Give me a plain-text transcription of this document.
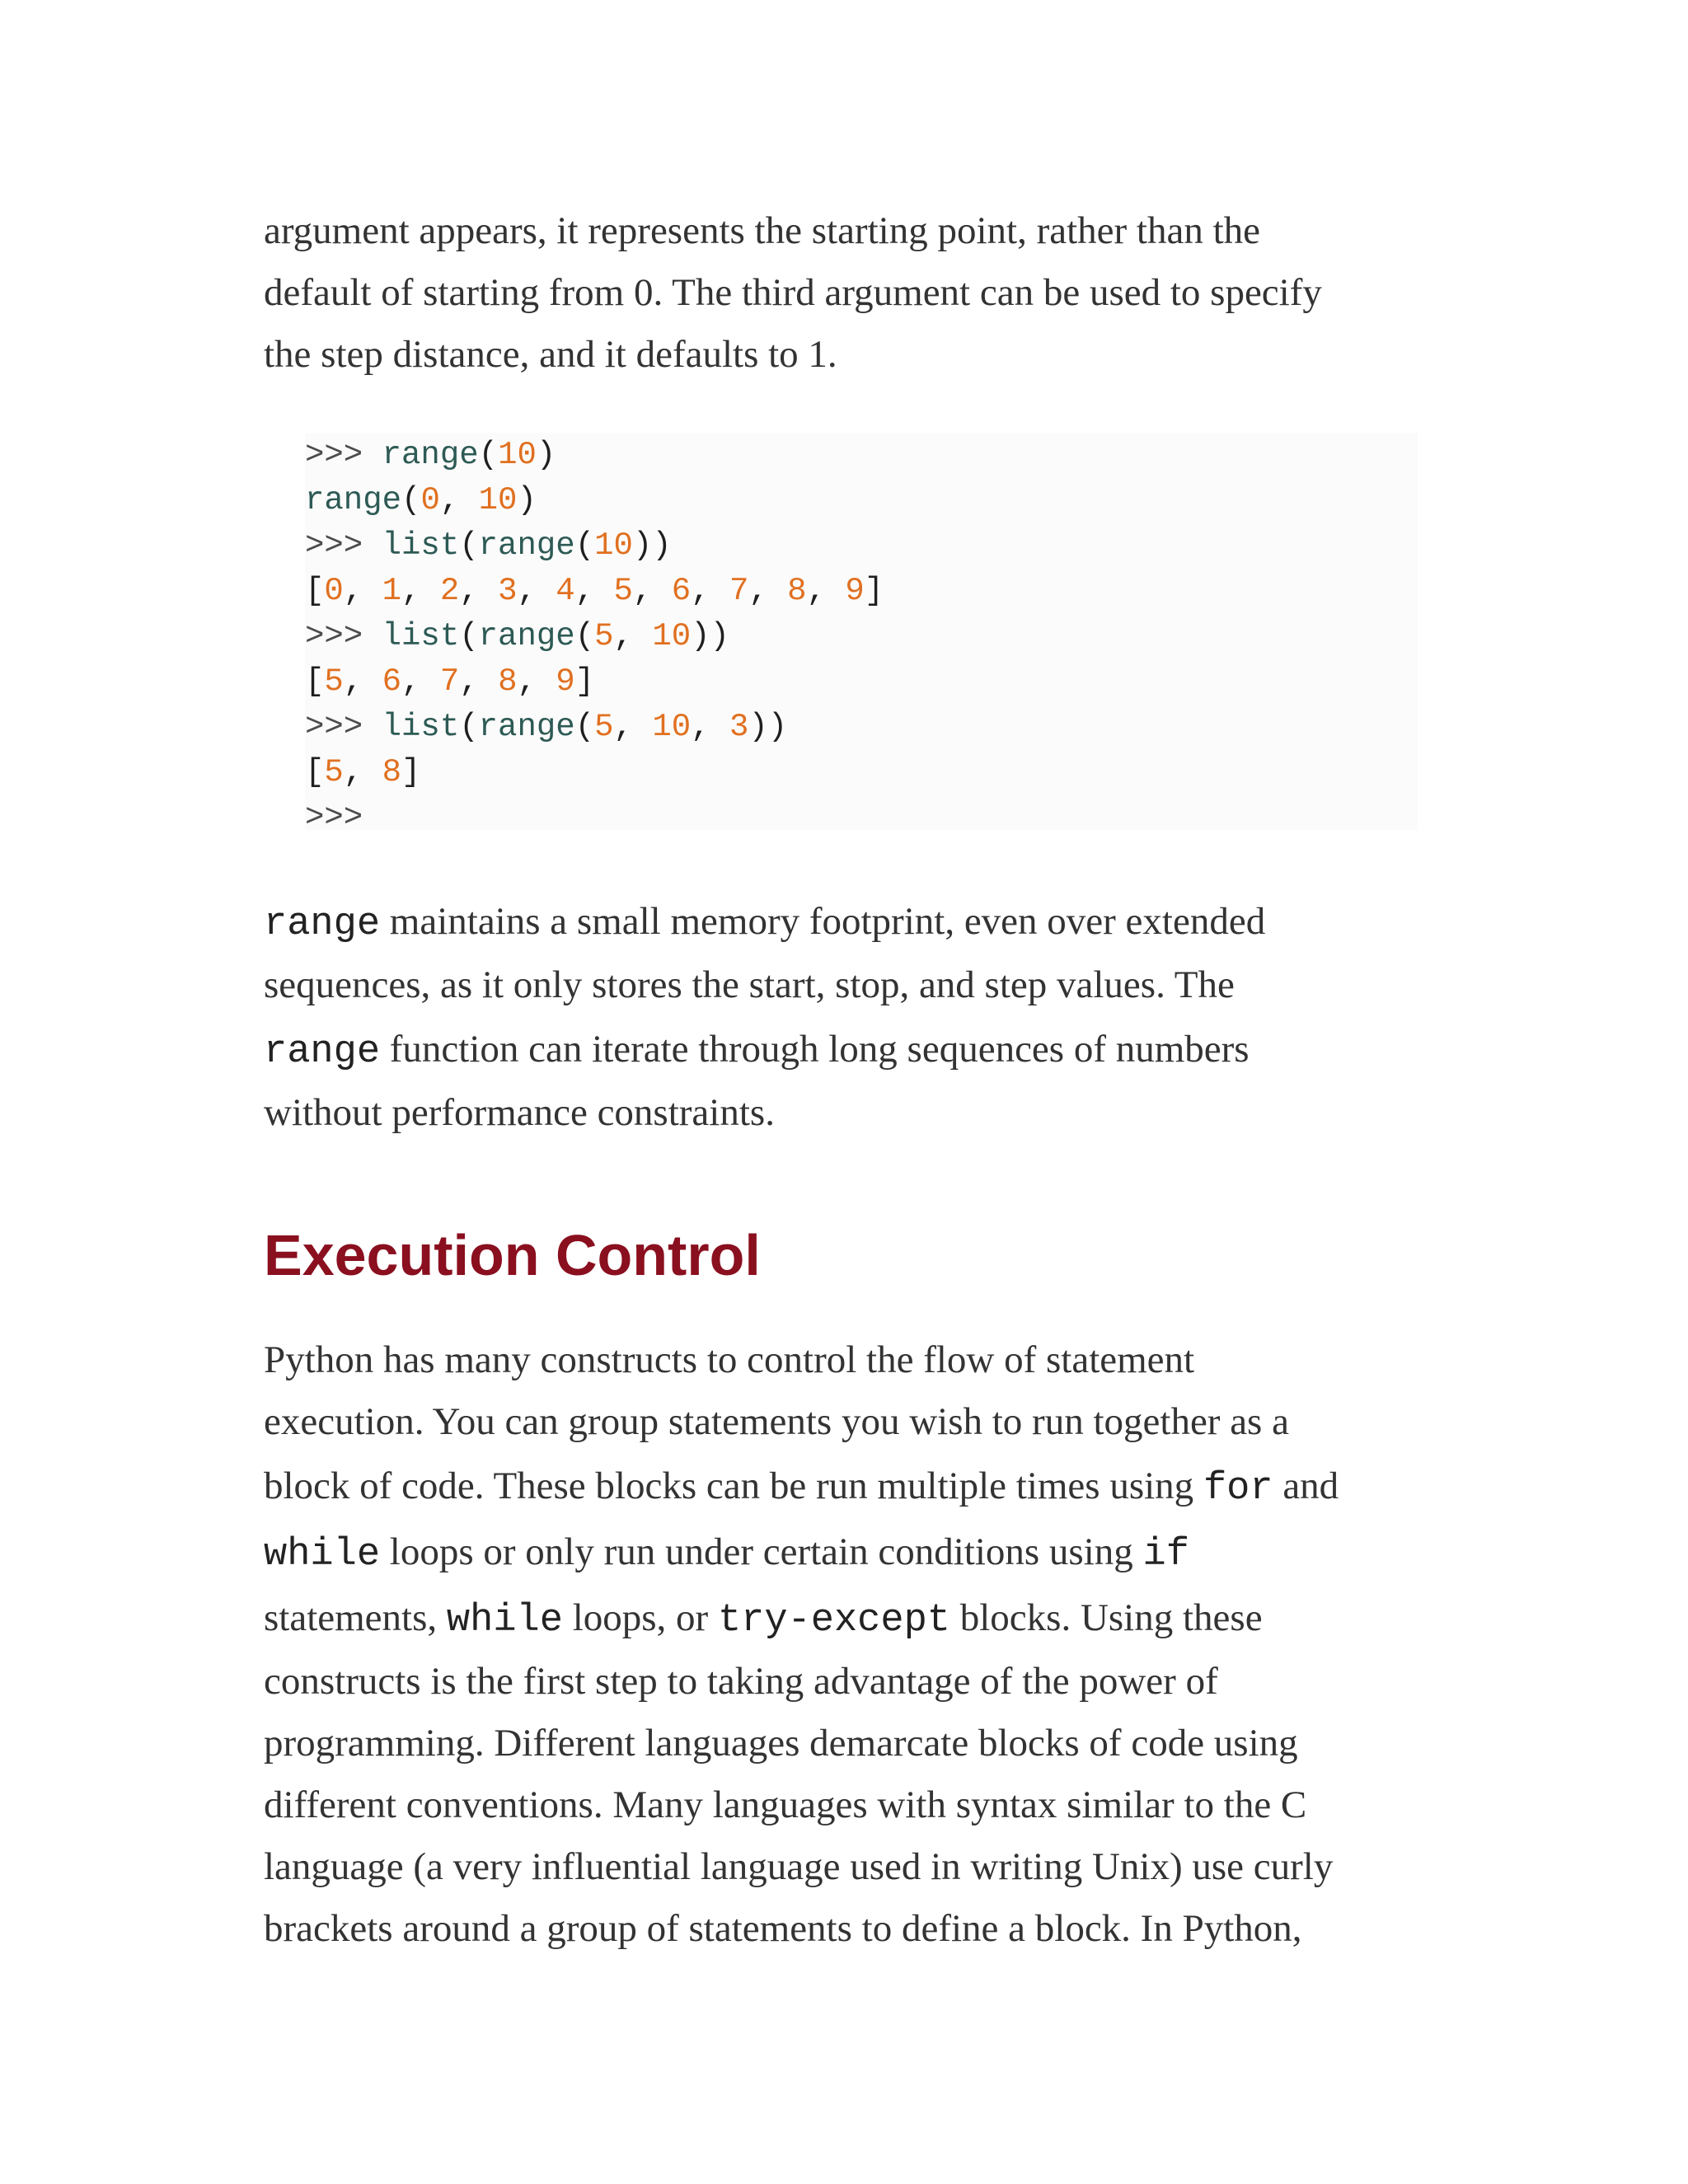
argument appears, it represents the starting point, rather than the
default of starting from 0. The third argument can be used to specify
the step distance, and it defaults to 1.

>>> range(10)
range(0, 10)
>>> list(range(10))
[0, 1, 2, 3, 4, 5, 6, 7, 8, 9]
>>> list(range(5, 10))
[5, 6, 7, 8, 9]
>>> list(range(5, 10, 3))
[5, 8]
>>>

range maintains a small memory footprint, even over extended
sequences, as it only stores the start, stop, and step values. The
range function can iterate through long sequences of numbers
without performance constraints.

Execution Control

Python has many constructs to control the flow of statement
execution. You can group statements you wish to run together as a
block of code. These blocks can be run multiple times using for and
while loops or only run under certain conditions using if
statements, while loops, or try-except blocks. Using these
constructs is the first step to taking advantage of the power of
programming. Different languages demarcate blocks of code using
different conventions. Many languages with syntax similar to the C
language (a very influential language used in writing Unix) use curly
brackets around a group of statements to define a block. In Python,
